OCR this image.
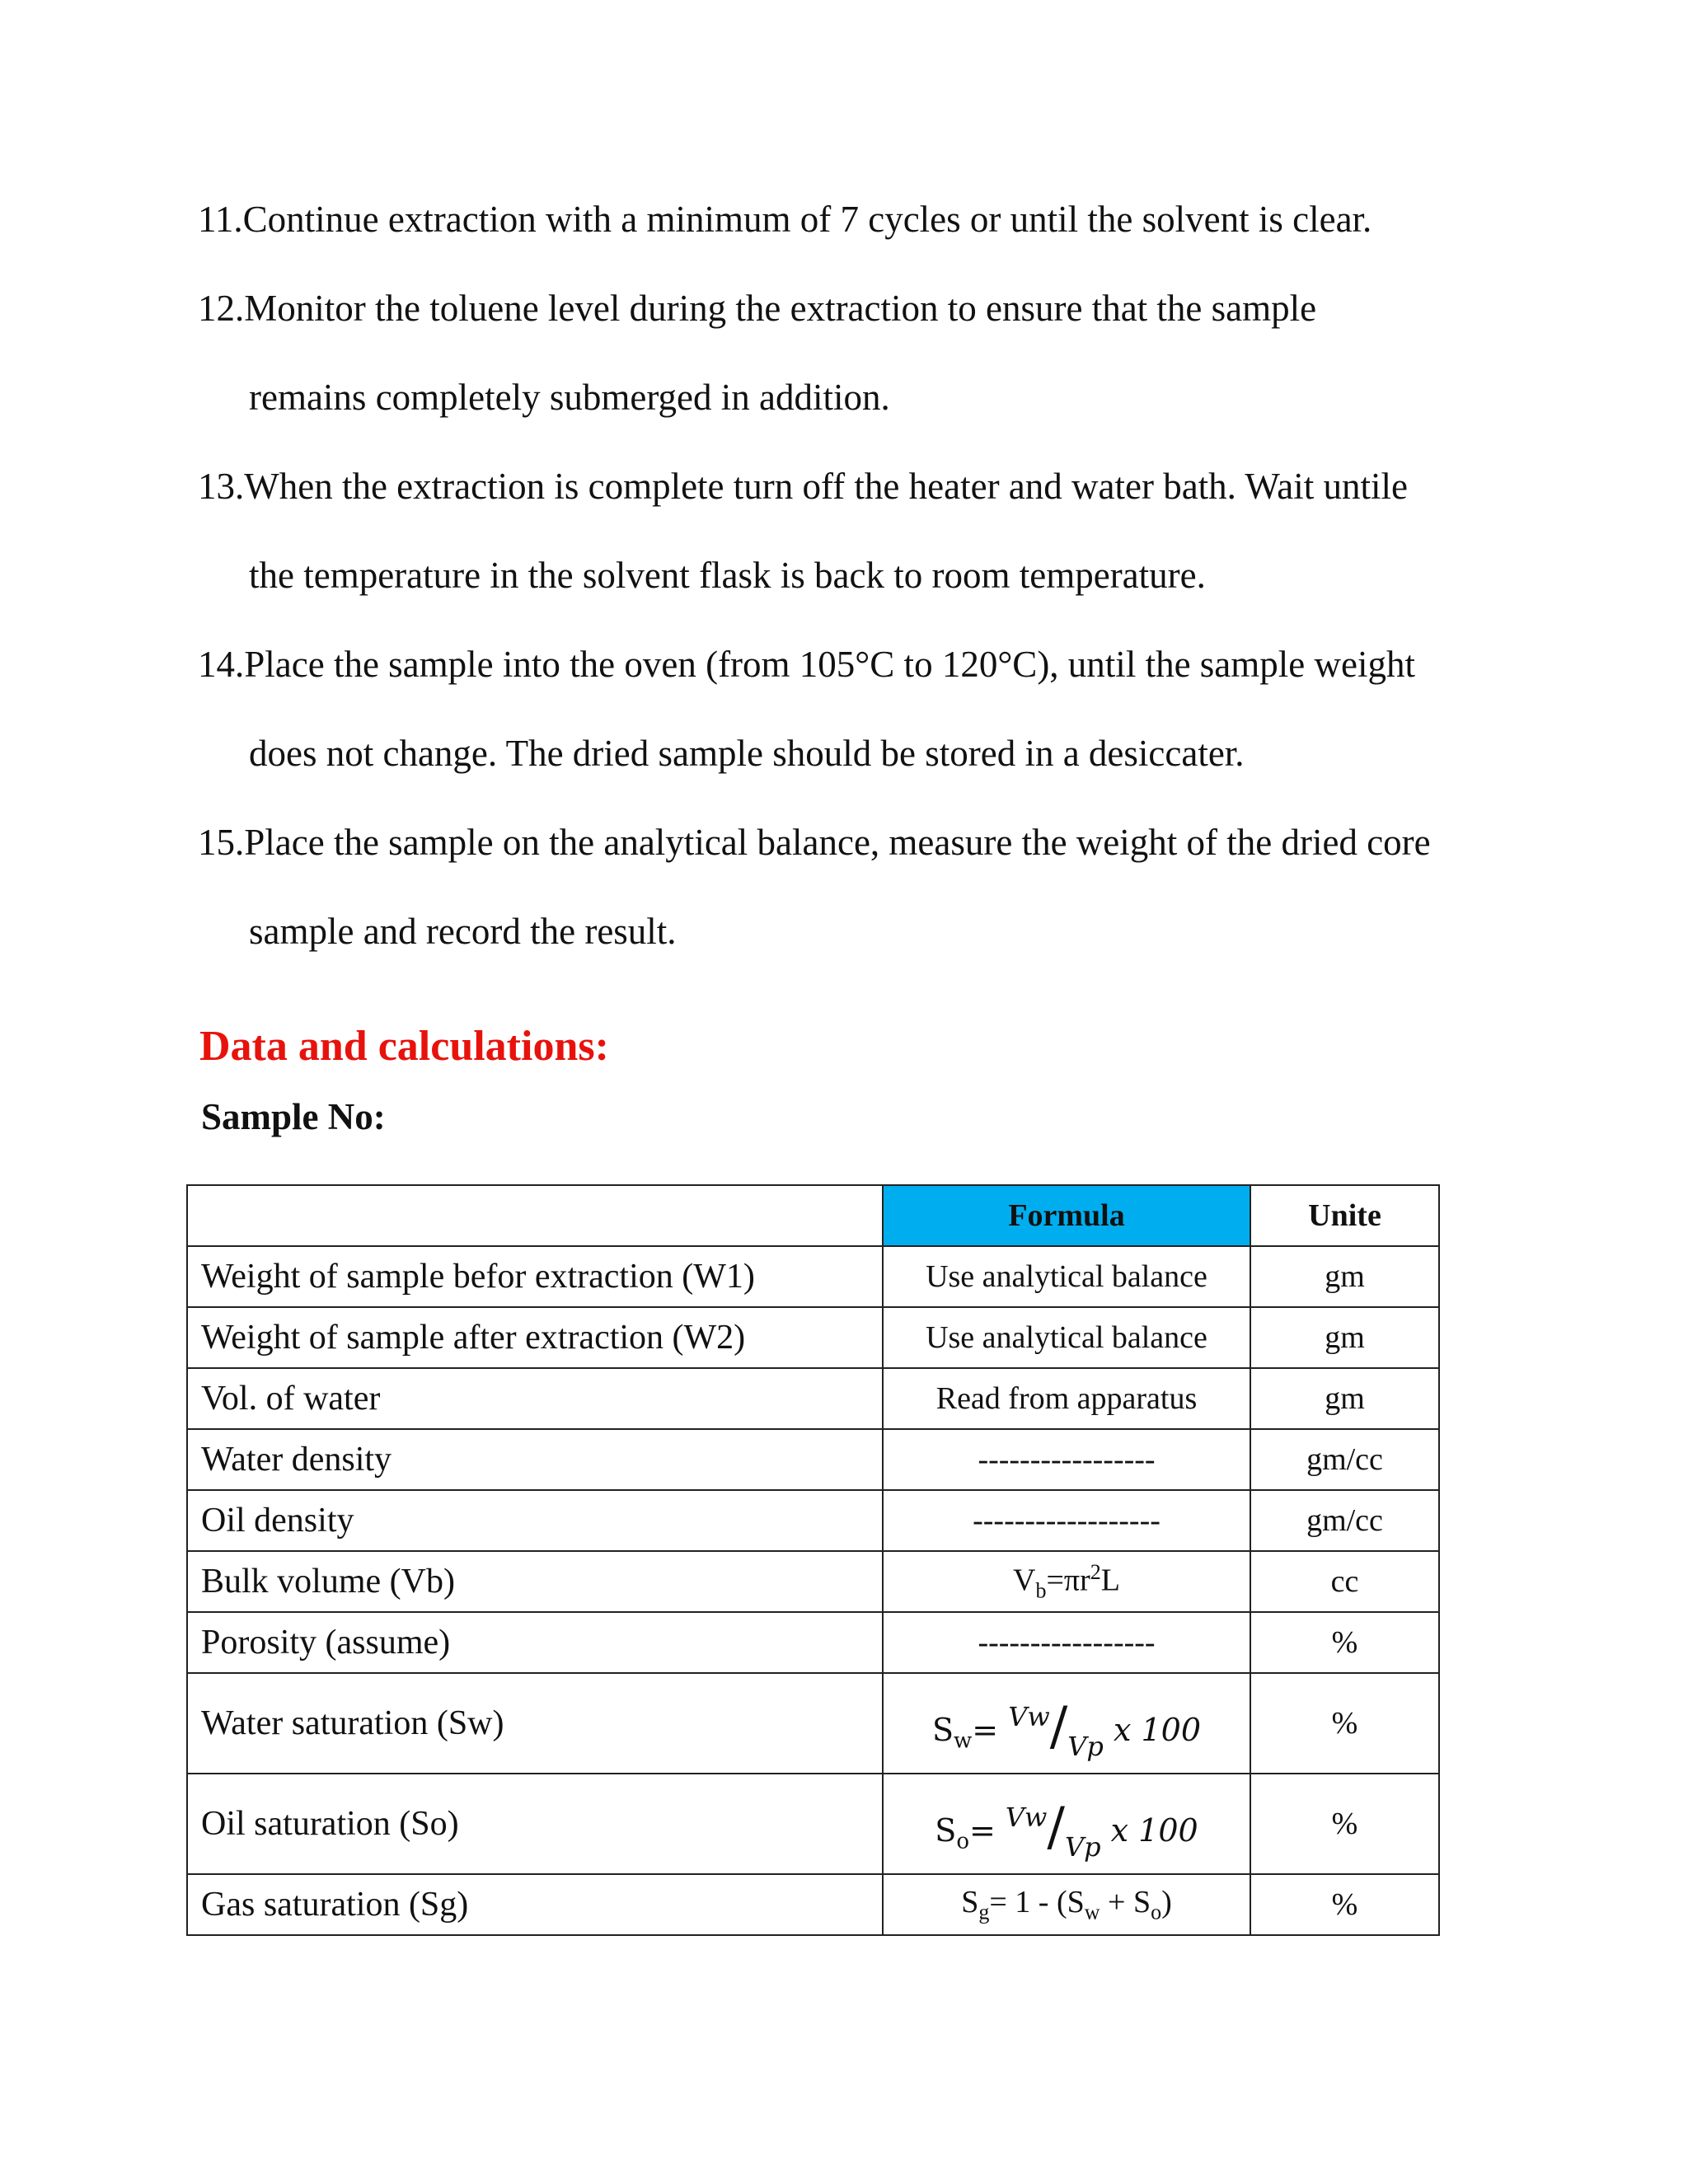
11.Continue extraction with a minimum of 7 cycles or until the solvent is clear.
12.Monitor the toluene level during the extraction to ensure that the sample
remains completely submerged in addition.
13.When the extraction is complete turn off the heater and water bath. Wait untile
the temperature in the solvent flask is back to room temperature.
14.Place the sample into the oven (from 105°C to 120°C), until the sample weight
does not change. The dried sample should be stored in a desiccater.
15.Place the sample on the analytical balance, measure the weight of the dried core
sample and record the result.
Data and calculations:
Sample No:
	Formula	Unite
Weight of sample befor extraction (W1)	Use analytical balance	gm
Weight of sample after extraction (W2)	Use analytical balance	gm
Vol. of water	Read from apparatus	gm
Water density	-----------------	gm/cc
Oil density	------------------	gm/cc
Bulk volume (Vb)	$V_b=\pi r^2L$	cc
Porosity (assume)	-----------------	%
Water saturation (Sw)	$S_w= ^{Vw}/_{Vp}$ x 100	%
Oil saturation (So)	$S_o= ^{Vw}/_{Vp}$ x 100	%
Gas saturation (Sg)	$S_g= 1 - (S_w + S_o)$	%
